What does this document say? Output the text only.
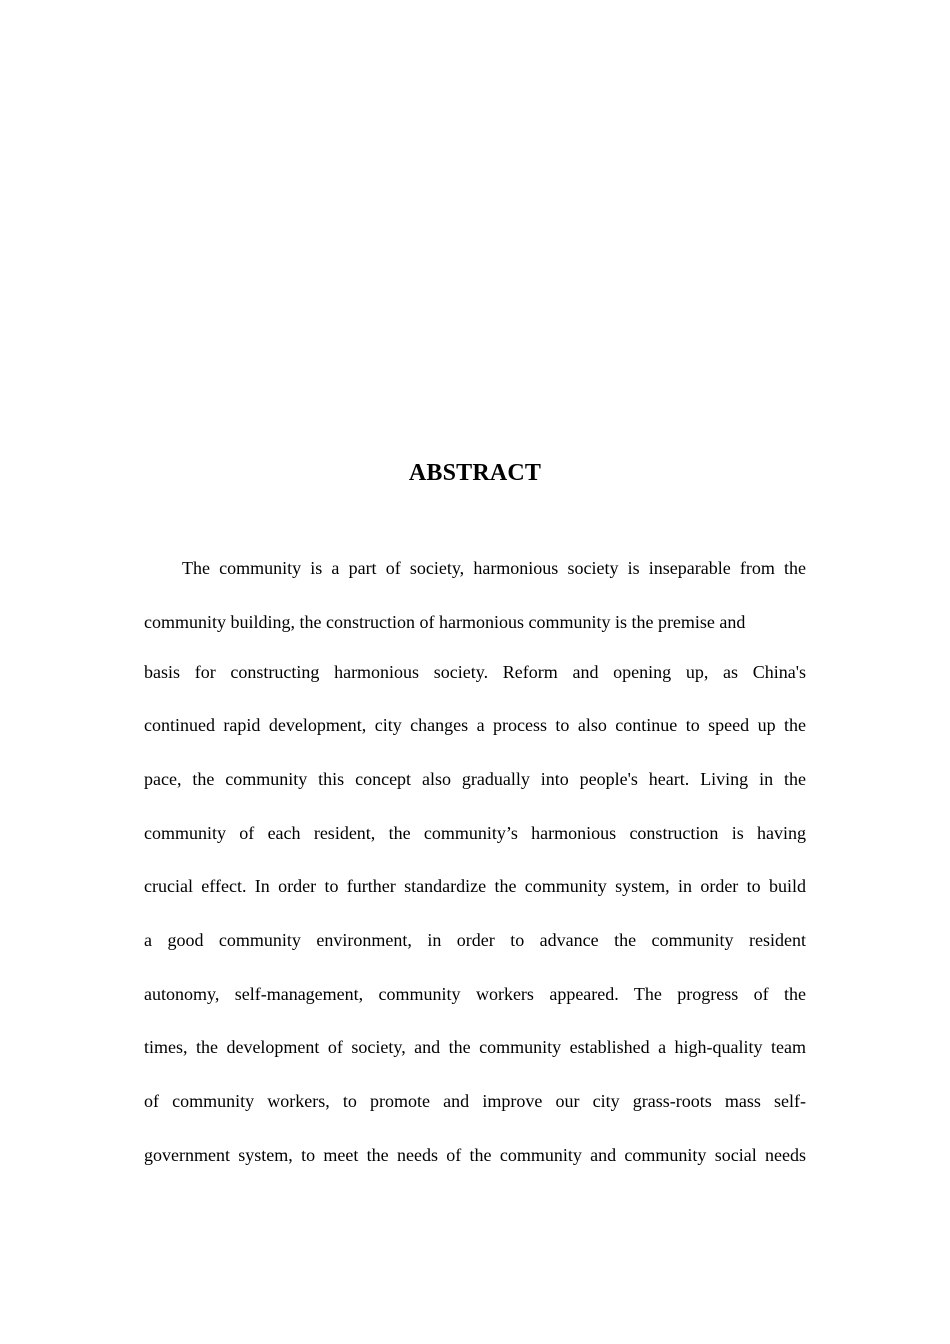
ABSTRACT
The community is a part of society, harmonious society is inseparable from the
community building, the construction of harmonious community is the premise and
basis for constructing harmonious society. Reform and opening up, as China's
continued rapid development, city changes a process to also continue to speed up the
pace, the community this concept also gradually into people's heart. Living in the
community of each resident, the community’s harmonious construction is having
crucial effect. In order to further standardize the community system, in order to build
a good community environment, in order to advance the community resident
autonomy, self-management, community workers appeared. The progress of the
times, the development of society, and the community established a high-quality team
of community workers, to promote and improve our city grass-roots mass self-
government system, to meet the needs of the community and community social needs
